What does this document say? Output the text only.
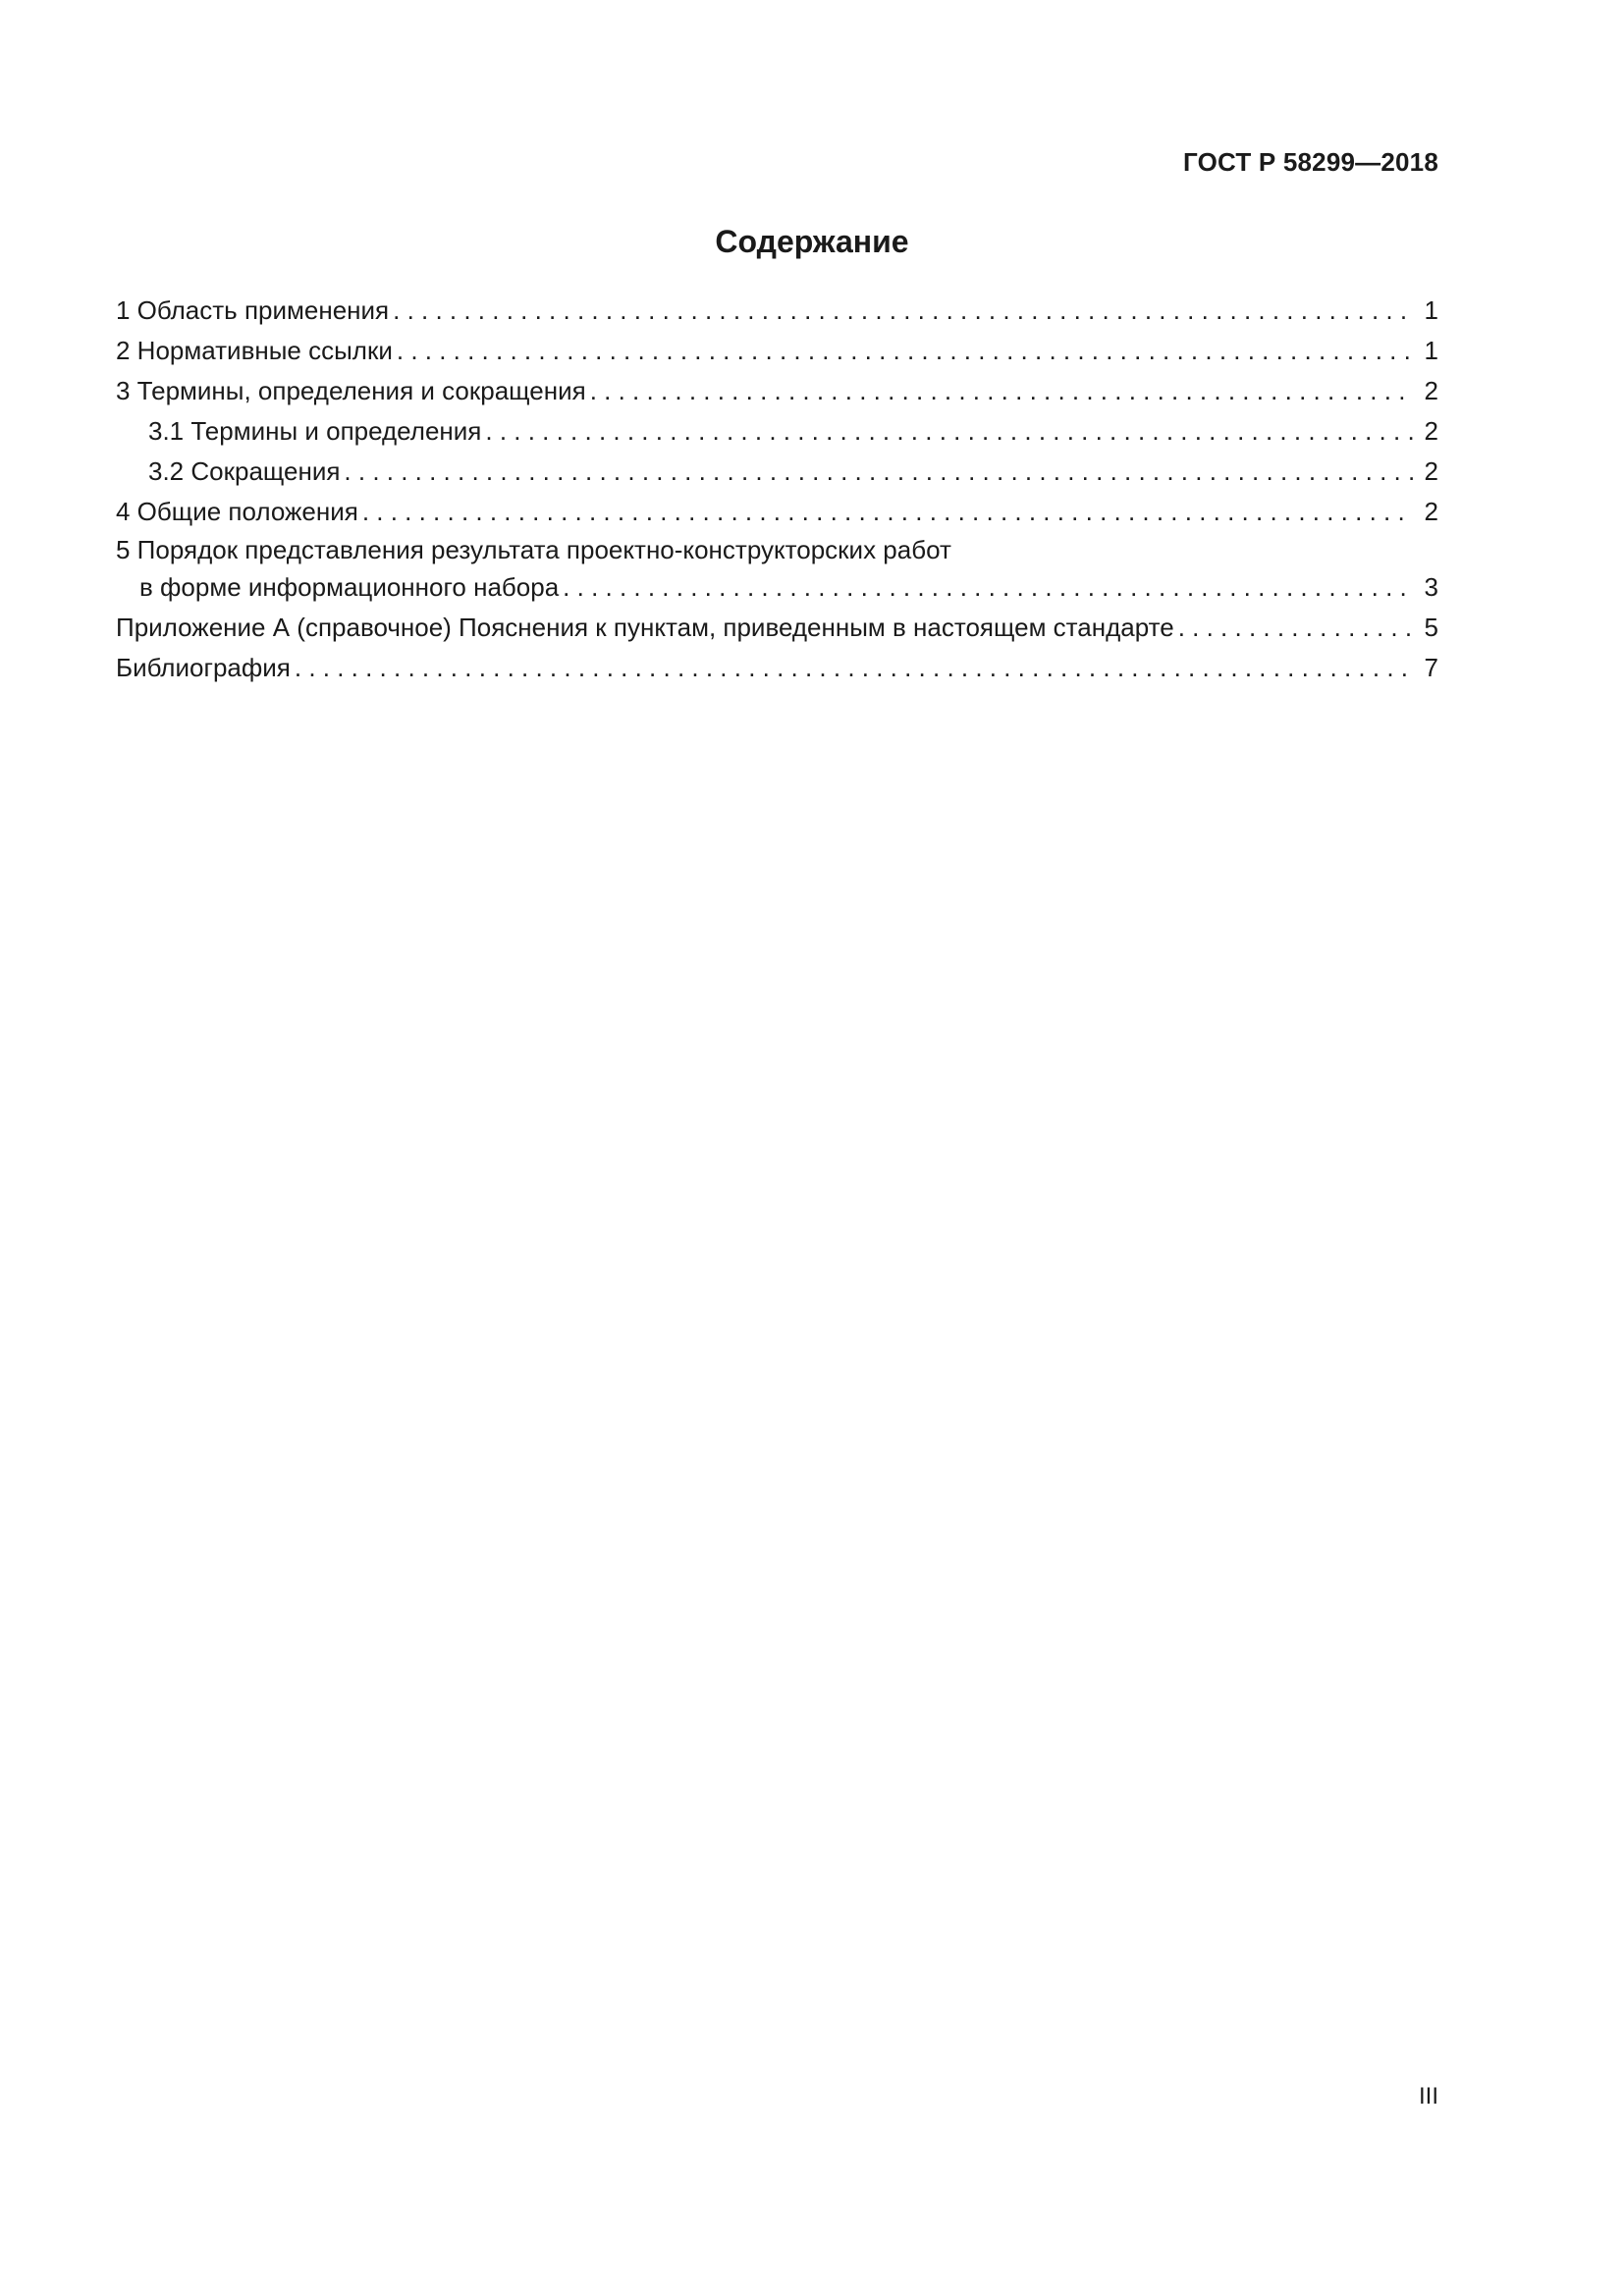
ГОСТ Р 58299—2018
Содержание
1 Область применения . . .	1
2 Нормативные ссылки . . .	1
3 Термины, определения и сокращения . . .	2
3.1 Термины и определения . . .	2
3.2 Сокращения . . .	2
4 Общие положения . . .	2
5 Порядок представления результата проектно-конструкторских работ
в форме информационного набора . . .	3
Приложение А (справочное) Пояснения к пунктам, приведенным в настоящем стандарте . . .	5
Библиография . . .	7
III
